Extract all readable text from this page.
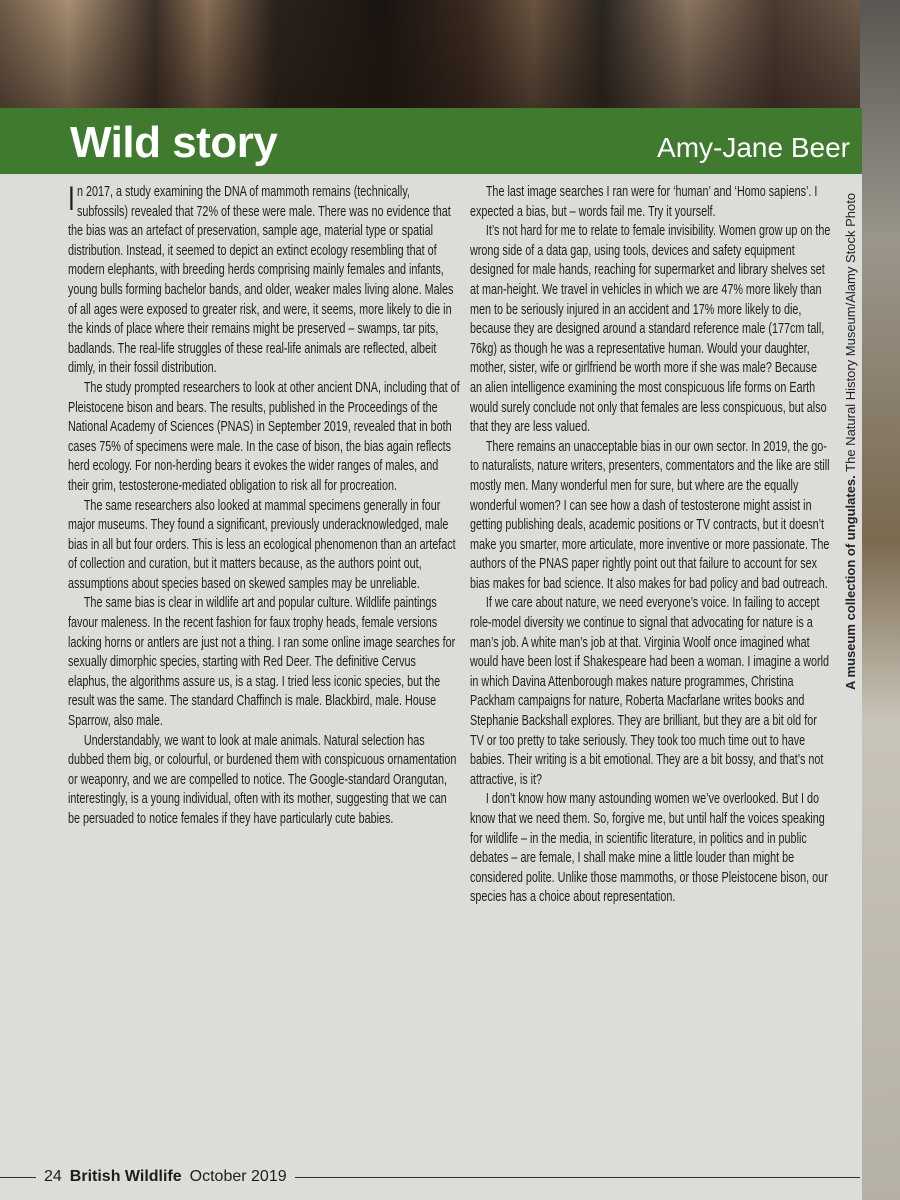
Wild story	Amy-Jane Beer

In 2017, a study examining the DNA of mammoth remains (technically, subfossils) revealed that 72% of these were male. There was no evidence that the bias was an artefact of preservation, sample age, material type or spatial distribution. Instead, it seemed to depict an extinct ecology resembling that of modern elephants, with breeding herds comprising mainly females and infants, young bulls forming bachelor bands, and older, weaker males living alone. Males of all ages were exposed to greater risk, and were, it seems, more likely to die in the kinds of place where their remains might be preserved – swamps, tar pits, badlands. The real-life struggles of these real-life animals are reflected, albeit dimly, in their fossil distribution.

The study prompted researchers to look at other ancient DNA, including that of Pleistocene bison and bears. The results, published in the Proceedings of the National Academy of Sciences (PNAS) in September 2019, revealed that in both cases 75% of specimens were male. In the case of bison, the bias again reflects herd ecology. For non-herding bears it evokes the wider ranges of males, and their grim, testosterone-mediated obligation to risk all for procreation.

The same researchers also looked at mammal specimens generally in four major museums. They found a significant, previously underacknowledged, male bias in all but four orders. This is less an ecological phenomenon than an artefact of collection and curation, but it matters because, as the authors point out, assumptions about species based on skewed samples may be unreliable.

The same bias is clear in wildlife art and popular culture. Wildlife paintings favour maleness. In the recent fashion for faux trophy heads, female versions lacking horns or antlers are just not a thing. I ran some online image searches for sexually dimorphic species, starting with Red Deer. The definitive Cervus elaphus, the algorithms assure us, is a stag. I tried less iconic species, but the result was the same. The standard Chaffinch is male. Blackbird, male. House Sparrow, also male.

Understandably, we want to look at male animals. Natural selection has dubbed them big, or colourful, or burdened them with conspicuous ornamentation or weaponry, and we are compelled to notice. The Google-standard Orangutan, interestingly, is a young individual, often with its mother, suggesting that we can be persuaded to notice females if they have particularly cute babies.

The last image searches I ran were for ‘human’ and ‘Homo sapiens’. I expected a bias, but – words fail me. Try it yourself.

It’s not hard for me to relate to female invisibility. Women grow up on the wrong side of a data gap, using tools, devices and safety equipment designed for male hands, reaching for supermarket and library shelves set at man-height. We travel in vehicles in which we are 47% more likely than men to be seriously injured in an accident and 17% more likely to die, because they are designed around a standard reference male (177cm tall, 76kg) as though he was a representative human. Would your daughter, mother, sister, wife or girlfriend be worth more if she was male? Because an alien intelligence examining the most conspicuous life forms on Earth would surely conclude not only that females are less conspicuous, but also that they are less valued.

There remains an unacceptable bias in our own sector. In 2019, the go-to naturalists, nature writers, presenters, commentators and the like are still mostly men. Many wonderful men for sure, but where are the equally wonderful women? I can see how a dash of testosterone might assist in getting publishing deals, academic positions or TV contracts, but it doesn’t make you smarter, more articulate, more inventive or more passionate. The authors of the PNAS paper rightly point out that failure to account for sex bias makes for bad science. It also makes for bad policy and bad outreach.

If we care about nature, we need everyone’s voice. In failing to accept role-model diversity we continue to signal that advocating for nature is a man’s job. A white man’s job at that. Virginia Woolf once imagined what would have been lost if Shakespeare had been a woman. I imagine a world in which Davina Attenborough makes nature programmes, Christina Packham campaigns for nature, Roberta Macfarlane writes books and Stephanie Backshall explores. They are brilliant, but they are a bit old for TV or too pretty to take seriously. They took too much time out to have babies. Their writing is a bit emotional. They are a bit bossy, and that’s not attractive, is it?

I don’t know how many astounding women we’ve overlooked. But I do know that we need them. So, forgive me, but until half the voices speaking for wildlife – in the media, in scientific literature, in politics and in public debates – are female, I shall make mine a little louder than might be considered polite. Unlike those mammoths, or those Pleistocene bison, our species has a choice about representation.

A museum collection of ungulates. The Natural History Museum/Alamy Stock Photo
24 British Wildlife October 2019
